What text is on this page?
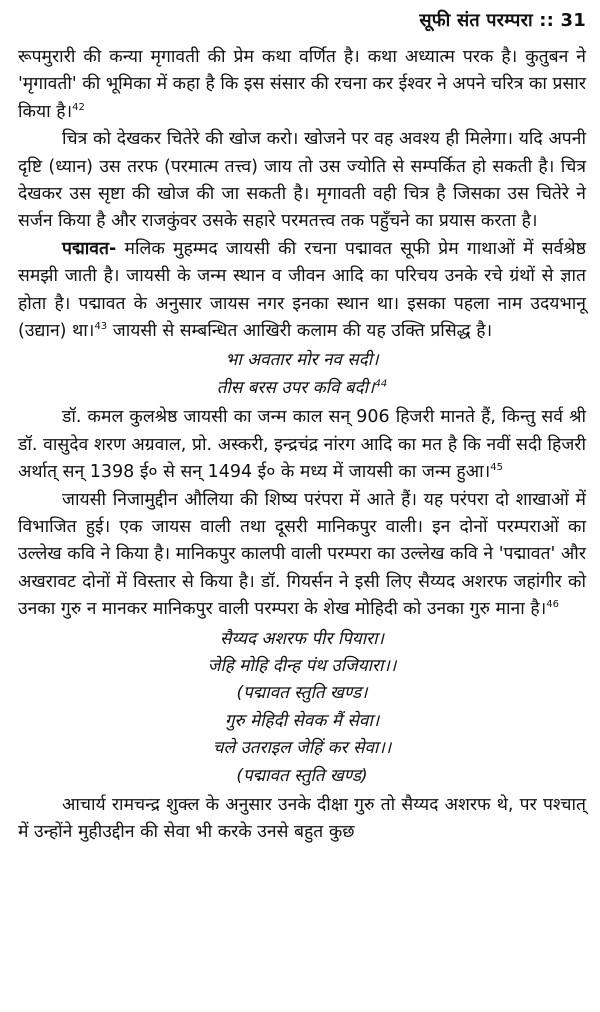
सूफी संत परम्परा :: 31

रूपमुरारी की कन्या मृगावती की प्रेम कथा वर्णित है। कथा अध्यात्म परक है। कुतुबन ने 'मृगावती' की भूमिका में कहा है कि इस संसार की रचना कर ईश्वर ने अपने चरित्र का प्रसार किया है।$^{42}$

चित्र को देखकर चितेरे की खोज करो। खोजने पर वह अवश्य ही मिलेगा। यदि अपनी दृष्टि (ध्यान) उस तरफ (परमात्म तत्त्व) जाय तो उस ज्योति से सम्पर्कित हो सकती है। चित्र देखकर उस सृष्टा की खोज की जा सकती है। मृगावती वही चित्र है जिसका उस चितेरे ने सर्जन किया है और राजकुंवर उसके सहारे परमतत्त्व तक पहुँचने का प्रयास करता है।

पद्मावत- मलिक मुहम्मद जायसी की रचना पद्मावत सूफी प्रेम गाथाओं में सर्वश्रेष्ठ समझी जाती है। जायसी के जन्म स्थान व जीवन आदि का परिचय उनके रचे ग्रंथों से ज्ञात होता है। पद्मावत के अनुसार जायस नगर इनका स्थान था। इसका पहला नाम उदयभानू (उद्यान) था।$^{43}$ जायसी से सम्बन्धित आखिरी कलाम की यह उक्ति प्रसिद्ध है।

भा अवतार मोर नव सदी।

तीस बरस उपर कवि बदी।$^{44}$

डॉ. कमल कुलश्रेष्ठ जायसी का जन्म काल सन् 906 हिजरी मानते हैं, किन्तु सर्व श्री डॉ. वासुदेव शरण अग्रवाल, प्रो. अस्करी, इन्द्रचंद्र नांरग आदि का मत है कि नवीं सदी हिजरी अर्थात् सन् 1398 ई० से सन् 1494 ई० के मध्य में जायसी का जन्म हुआ।$^{45}$

जायसी निजामुद्दीन औलिया की शिष्य परंपरा में आते हैं। यह परंपरा दो शाखाओं में विभाजित हुई। एक जायस वाली तथा दूसरी मानिकपुर वाली। इन दोनों परम्पराओं का उल्लेख कवि ने किया है। मानिकपुर कालपी वाली परम्परा का उल्लेख कवि ने 'पद्मावत' और अखरावट दोनों में विस्तार से किया है। डॉ. गियर्सन ने इसी लिए सैय्यद अशरफ जहांगीर को उनका गुरु न मानकर मानिकपुर वाली परम्परा के शेख मोहिदी को उनका गुरु माना है।$^{46}$

सैय्यद अशरफ पीर पियारा।

जेहि मोहि दीन्ह पंथ उजियारा।।

(पद्मावत स्तुति खण्ड।

गुरु मेहिदी सेवक मैं सेवा।

चले उतराइल जेहिं कर सेवा।।

(पद्मावत स्तुति खण्ड)

आचार्य रामचन्द्र शुक्ल के अनुसार उनके दीक्षा गुरु तो सैय्यद अशरफ थे, पर पश्चात् में उन्होंने मुहीउद्दीन की सेवा भी करके उनसे बहुत कुछ
